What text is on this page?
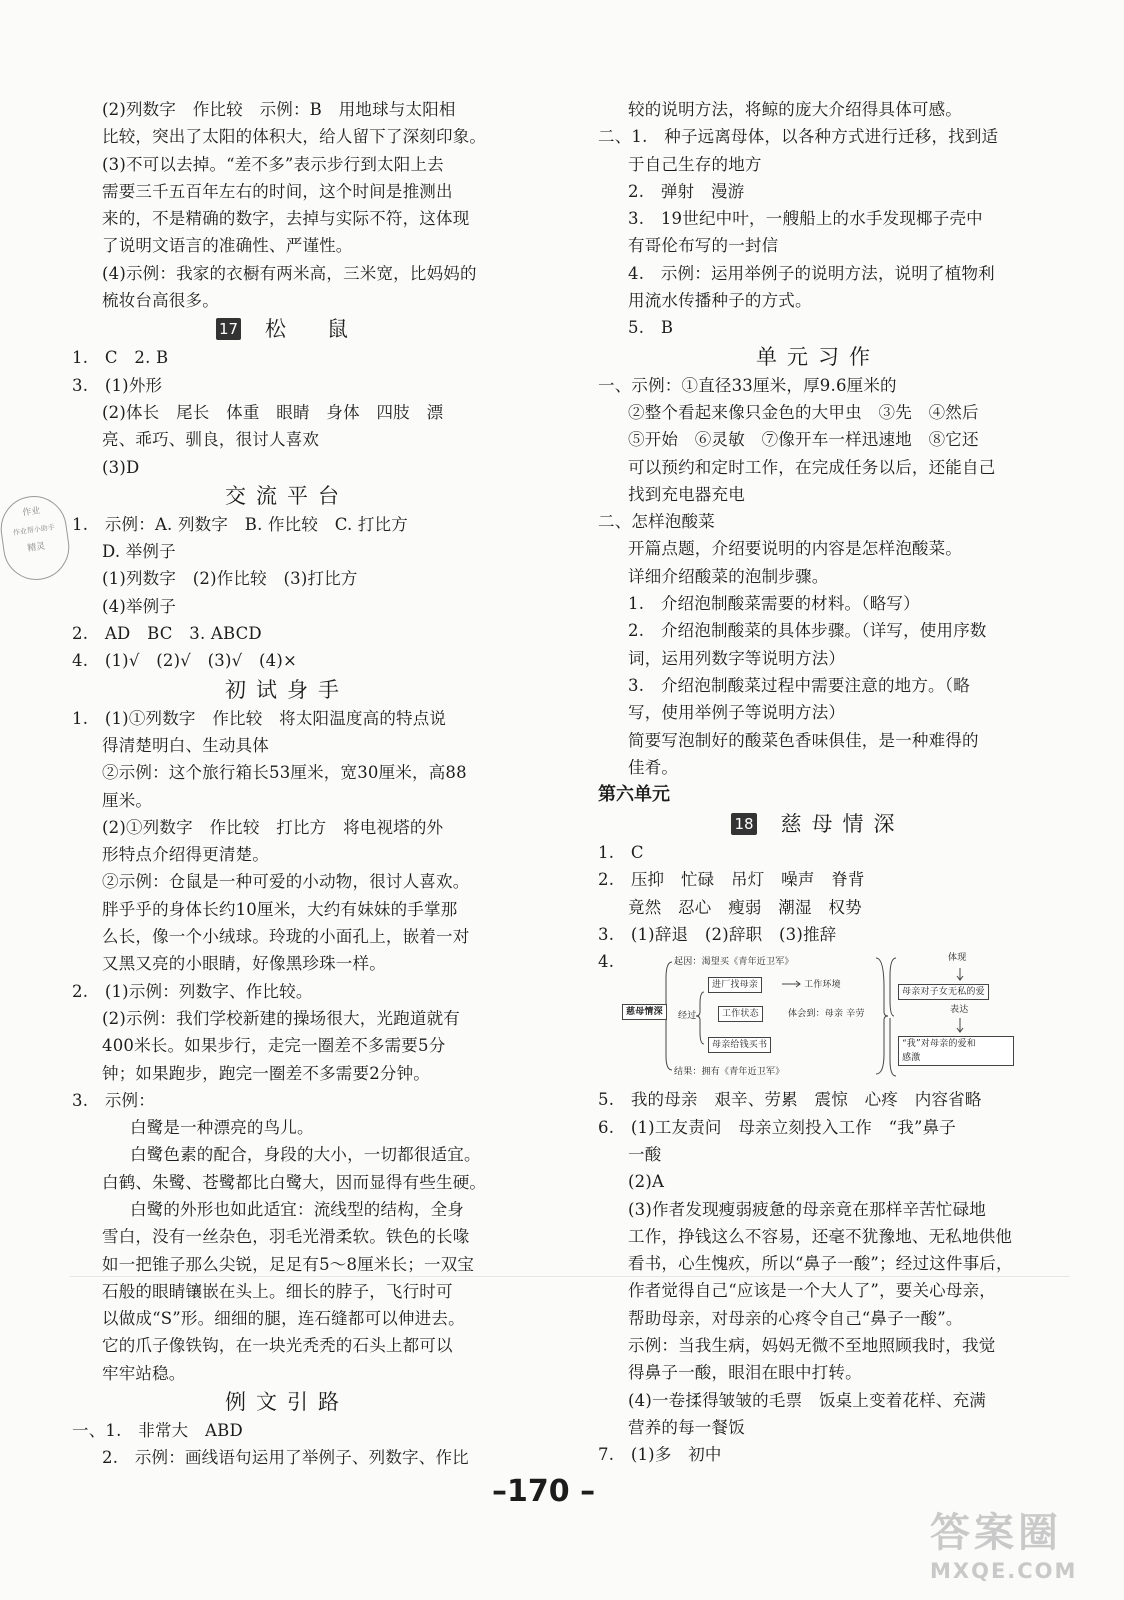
(2)列数字　作比较　示例：B　用地球与太阳相
比较，突出了太阳的体积大，给人留下了深刻印象。
(3)不可以去掉。“差不多”表示步行到太阳上去
需要三千五百年左右的时间，这个时间是推测出
来的，不是精确的数字，去掉与实际不符，这体现
了说明文语言的准确性、严谨性。
(4)示例：我家的衣橱有两米高，三米宽，比妈妈的
梳妆台高很多。
17 松　鼠
1.　C　2. B
3.　(1)外形
(2)体长　尾长　体重　眼睛　身体　四肢　漂
亮、乖巧、驯良，很讨人喜欢
(3)D
交流平台
1.　示例：A. 列数字　B. 作比较　C. 打比方
D. 举例子
(1)列数字　(2)作比较　(3)打比方
(4)举例子
2.　AD　BC　3. ABCD
4.　(1)√　(2)√　(3)√　(4)×
初试身手
1.　(1)①列数字　作比较　将太阳温度高的特点说
得清楚明白、生动具体
②示例：这个旅行箱长53厘米，宽30厘米，高88
厘米。
(2)①列数字　作比较　打比方　将电视塔的外
形特点介绍得更清楚。
②示例：仓鼠是一种可爱的小动物，很讨人喜欢。
胖乎乎的身体长约10厘米，大约有妹妹的手掌那
么长，像一个小绒球。玲珑的小面孔上，嵌着一对
又黑又亮的小眼睛，好像黑珍珠一样。
2.　(1)示例：列数字、作比较。
(2)示例：我们学校新建的操场很大，光跑道就有
400米长。如果步行，走完一圈差不多需要5分
钟；如果跑步，跑完一圈差不多需要2分钟。
3.　示例：
白鹭是一种漂亮的鸟儿。
白鹭色素的配合，身段的大小，一切都很适宜。
白鹤、朱鹭、苍鹭都比白鹭大，因而显得有些生硬。
白鹭的外形也如此适宜：流线型的结构，全身
雪白，没有一丝杂色，羽毛光滑柔软。铁色的长喙
如一把锥子那么尖锐，足足有5～8厘米长；一双宝
石般的眼睛镶嵌在头上。细长的脖子，飞行时可
以做成“S”形。细细的腿，连石缝都可以伸进去。
它的爪子像铁钩，在一块光秃秃的石头上都可以
牢牢站稳。
例文引路
一、1.　非常大　ABD
2.　示例：画线语句运用了举例子、列数字、作比
较的说明方法，将鲸的庞大介绍得具体可感。
二、1.　种子远离母体，以各种方式进行迁移，找到适
于自己生存的地方
2.　弹射　漫游
3.　19世纪中叶，一艘船上的水手发现椰子壳中
有哥伦布写的一封信
4.　示例：运用举例子的说明方法，说明了植物利
用流水传播种子的方式。
5.　B
单元习作
一、示例：①直径33厘米，厚9.6厘米的
②整个看起来像只金色的大甲虫　③先　④然后
⑤开始　⑥灵敏　⑦像开车一样迅速地　⑧它还
可以预约和定时工作，在完成任务以后，还能自己
找到充电器充电
二、怎样泡酸菜
开篇点题，介绍要说明的内容是怎样泡酸菜。
详细介绍酸菜的泡制步骤。
1.　介绍泡制酸菜需要的材料。（略写）
2.　介绍泡制酸菜的具体步骤。（详写，使用序数
词，运用列数字等说明方法）
3.　介绍泡制酸菜过程中需要注意的地方。（略
写，使用举例子等说明方法）
简要写泡制好的酸菜色香味俱佳，是一种难得的
佳肴。
第六单元
18 慈母情深
1.　C
2.　压抑　忙碌　吊灯　噪声　脊背
竟然　忍心　瘦弱　潮湿　权势
3.　(1)辞退　(2)辞职　(3)推辞
4.
慈母情深
起因：渴望买《青年近卫军》
经过
进厂找母亲	工作环境
工作状态	体会到：母亲 辛劳
母亲给钱买书
结果：拥有《青年近卫军》
体现
母亲对子女无私的爱
表达
“我”对母亲的爱和
感激
5.　我的母亲　艰辛、劳累　震惊　心疼　内容省略
6.　(1)工友责问　母亲立刻投入工作　“我”鼻子
一酸
(2)A
(3)作者发现瘦弱疲惫的母亲竟在那样辛苦忙碌地
工作，挣钱这么不容易，还毫不犹豫地、无私地供他
看书，心生愧疚，所以“鼻子一酸”；经过这件事后，
作者觉得自己“应该是一个大人了”，要关心母亲，
帮助母亲，对母亲的心疼令自己“鼻子一酸”。
示例：当我生病，妈妈无微不至地照顾我时，我觉
得鼻子一酸，眼泪在眼中打转。
(4)一卷揉得皱皱的毛票　饭桌上变着花样、充满
营养的每一餐饭
7.　(1)多　初中
–170 –
作业
作业帮小助手
精灵
答案圈
MXQE.COM
